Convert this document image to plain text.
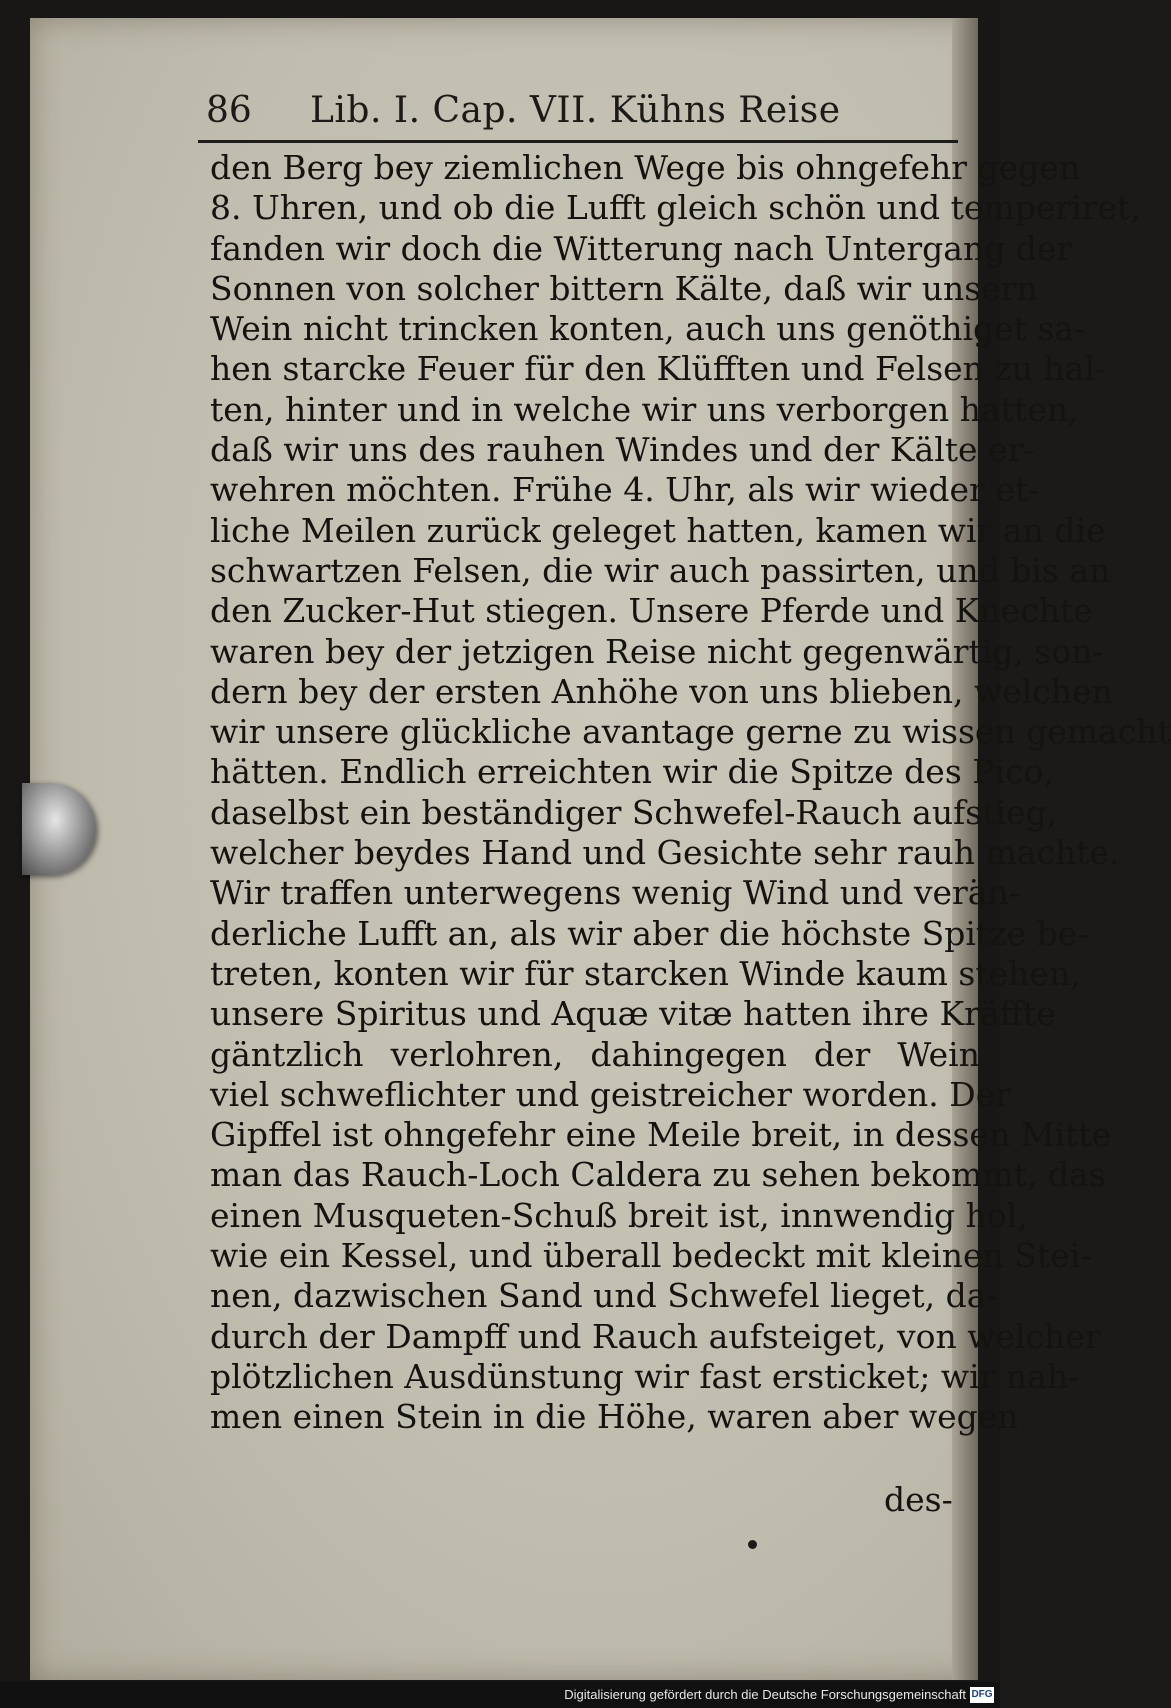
86 Lib. I. Cap. VII. Kühns Reise
den Berg bey ziemlichen Wege bis ohngefehr gegen
8. Uhren, und ob die Lufft gleich schön und temperiret,
fanden wir doch die Witterung nach Untergang der
Sonnen von solcher bittern Kälte, daß wir unsern
Wein nicht trincken konten, auch uns genöthiget sa-
hen starcke Feuer für den Klüfften und Felsen zu hal-
ten, hinter und in welche wir uns verborgen hatten,
daß wir uns des rauhen Windes und der Kälte er-
wehren möchten. Frühe 4. Uhr, als wir wieder et-
liche Meilen zurück geleget hatten, kamen wir an die
schwartzen Felsen, die wir auch passirten, und bis an
den Zucker-Hut stiegen. Unsere Pferde und Knechte
waren bey der jetzigen Reise nicht gegenwärtig, son-
dern bey der ersten Anhöhe von uns blieben, welchen
wir unsere glückliche avantage gerne zu wissen gemacht
hätten. Endlich erreichten wir die Spitze des Pico,
daselbst ein beständiger Schwefel-Rauch aufstieg,
welcher beydes Hand und Gesichte sehr rauh machte.
Wir traffen unterwegens wenig Wind und verän-
derliche Lufft an, als wir aber die höchste Spitze be-
treten, konten wir für starcken Winde kaum stehen,
unsere Spiritus und Aquæ vitæ hatten ihre Kräffte
gäntzlich verlohren, dahingegen der Wein
viel schweflichter und geistreicher worden. Der
Gipffel ist ohngefehr eine Meile breit, in dessen Mitte
man das Rauch-Loch Caldera zu sehen bekommt, das
einen Musqueten-Schuß breit ist, innwendig hol,
wie ein Kessel, und überall bedeckt mit kleinen Stei-
nen, dazwischen Sand und Schwefel lieget, da-
durch der Dampff und Rauch aufsteiget, von welcher
plötzlichen Ausdünstung wir fast ersticket; wir nah-
men einen Stein in die Höhe, waren aber wegen
des-
Digitalisierung gefördert durch die Deutsche Forschungsgemeinschaft DFG
